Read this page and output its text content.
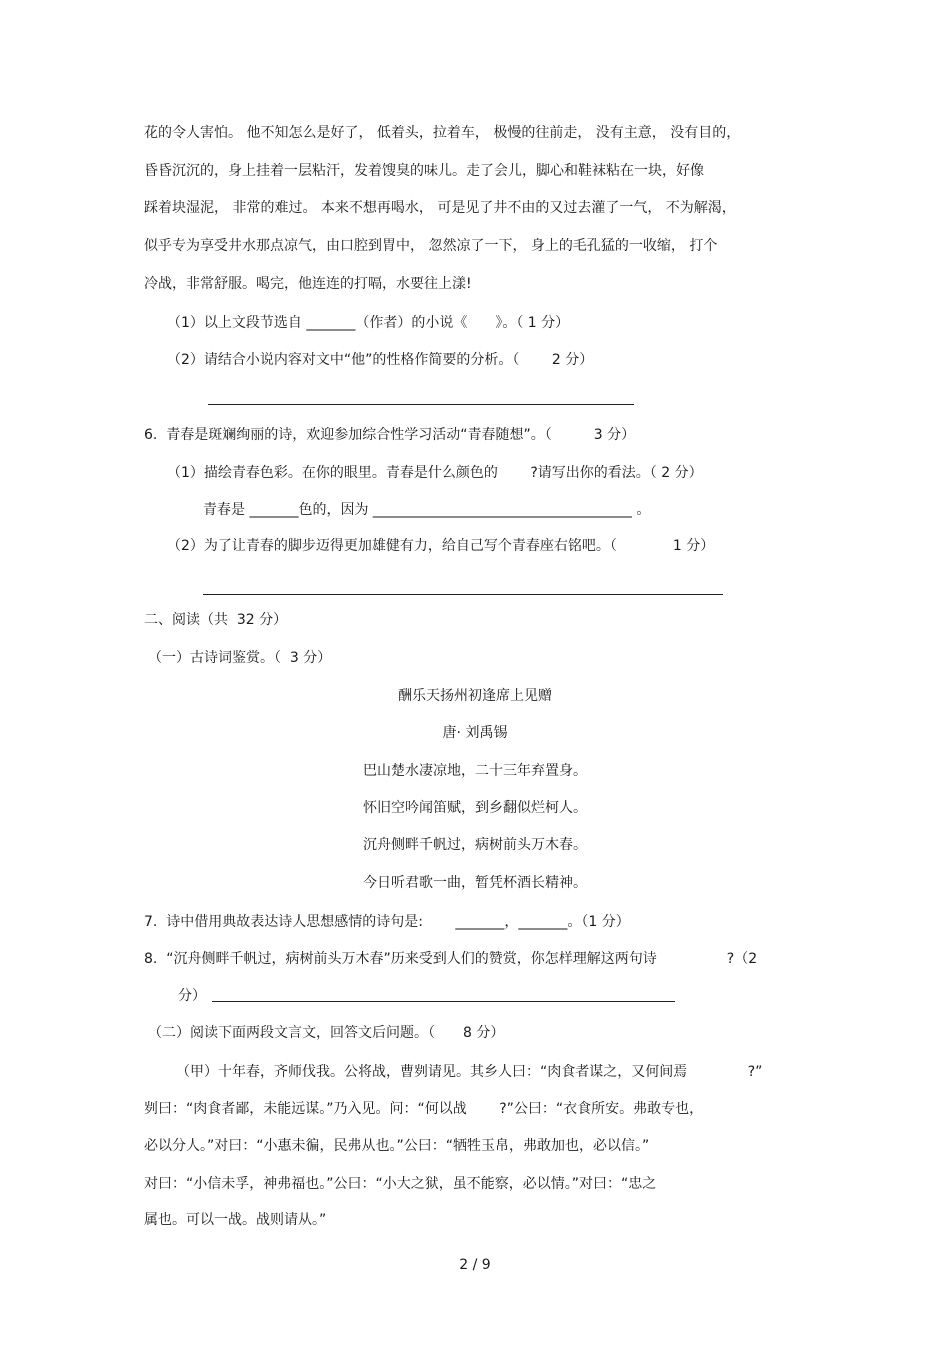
花的令人害怕。 他不知怎么是好了， 低着头，拉着车， 极慢的往前走， 没有主意， 没有目的，
昏昏沉沉的，身上挂着一层粘汗，发着馊臭的味儿。走了会儿，脚心和鞋袜粘在一块，好像
踩着块湿泥， 非常的难过。 本来不想再喝水， 可是见了井不由的又过去灌了一气， 不为解渴，
似乎专为享受井水那点凉气，由口腔到胃中， 忽然凉了一下， 身上的毛孔猛的一收缩， 打个
冷战，非常舒服。喝完，他连连的打嗝，水要往上漾!
（1）以上文段节选自 _______（作者）的小说《　　》。（ 1 分）
（2）请结合小说内容对文中“他”的性格作简要的分析。（　　 2 分）
6.  青春是斑斓绚丽的诗，欢迎参加综合性学习活动“青春随想”。（　　　3 分）
（1）描绘青春色彩。在你的眼里。青春是什么颜色的　　 ?请写出你的看法。（ 2 分）
青春是 _______色的，因为 _____________________________________ 。
（2）为了让青春的脚步迈得更加雄健有力，给自己写个青春座右铭吧。（　　　　1 分）
二、阅读（共  32 分）
（一）古诗词鉴赏。（  3 分）
酬乐天扬州初逢席上见赠
唐· 刘禹锡
巴山楚水凄凉地，二十三年弃置身。
怀旧空吟闻笛赋，到乡翻似烂柯人。
沉舟侧畔千帆过，病树前头万木春。
今日听君歌一曲，暂凭杯酒长精神。
7.  诗中借用典故表达诗人思想感情的诗句是:　　 _______，_______。（1 分）
8.  “沉舟侧畔千帆过，病树前头万木春”历来受到人们的赞赏，你怎样理解这两句诗　　　　　?（2
分）
（二）阅读下面两段文言文，回答文后问题。（　　8 分）
（甲）十年春，齐师伐我。公将战，曹刿请见。其乡人曰：“肉食者谋之，又何间焉　　　　 ?”
刿曰：“肉食者鄙，未能远谋。”乃入见。问：“何以战　　 ?”公曰：“衣食所安。弗敢专也，
必以分人。”对曰：“小惠未徧，民弗从也。”公曰：“牺牲玉帛，弗敢加也，必以信。”
对曰：“小信未孚，神弗福也。”公曰：“小大之狱，虽不能察，必以情。”对曰：“忠之
属也。可以一战。战则请从。”
2 / 9
